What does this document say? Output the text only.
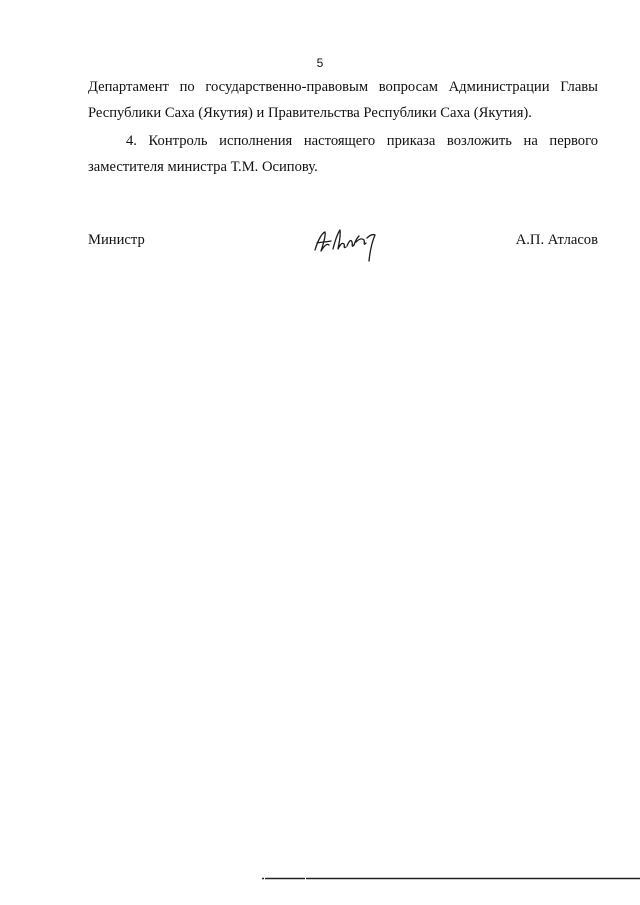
5

Департамент по государственно-правовым вопросам Администрации Главы Республики Саха (Якутия) и Правительства Республики Саха (Якутия).

4. Контроль исполнения настоящего приказа возложить на первого заместителя министра Т.М. Осипову.

Министр	А.П. Атласов
